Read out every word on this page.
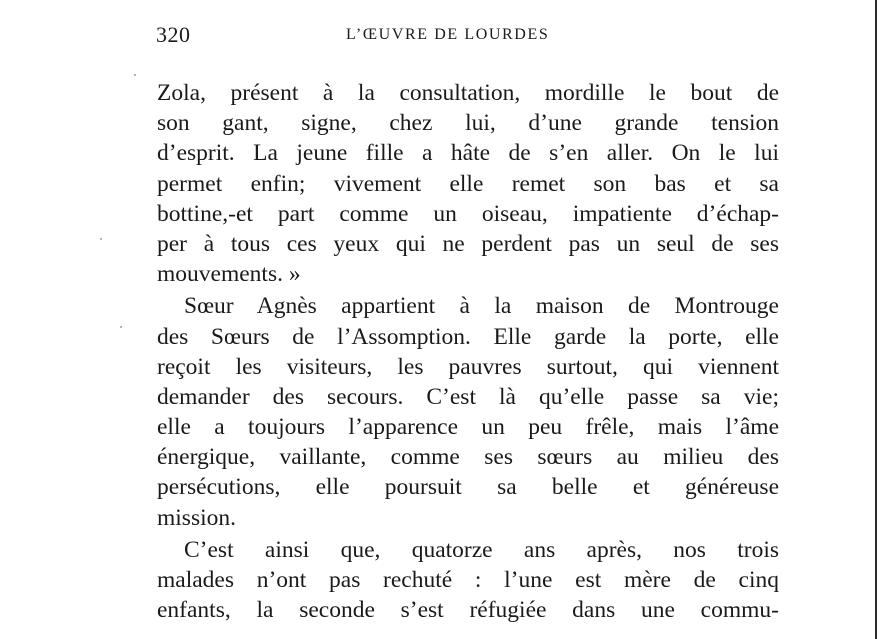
320	L’ŒUVRE DE LOURDES
Zola, présent à la consultation, mordille le bout de
son gant, signe, chez lui, d’une grande tension
d’esprit. La jeune fille a hâte de s’en aller. On le lui
permet enfin; vivement elle remet son bas et sa
bottine,-et part comme un oiseau, impatiente d’échap-
per à tous ces yeux qui ne perdent pas un seul de ses
mouvements. »
Sœur Agnès appartient à la maison de Montrouge
des Sœurs de l’Assomption. Elle garde la porte, elle
reçoit les visiteurs, les pauvres surtout, qui viennent
demander des secours. C’est là qu’elle passe sa vie;
elle a toujours l’apparence un peu frêle, mais l’âme
énergique, vaillante, comme ses sœurs au milieu des
persécutions, elle poursuit sa belle et généreuse
mission.
C’est ainsi que, quatorze ans après, nos trois
malades n’ont pas rechuté : l’une est mère de cinq
enfants, la seconde s’est réfugiée dans une commu-
